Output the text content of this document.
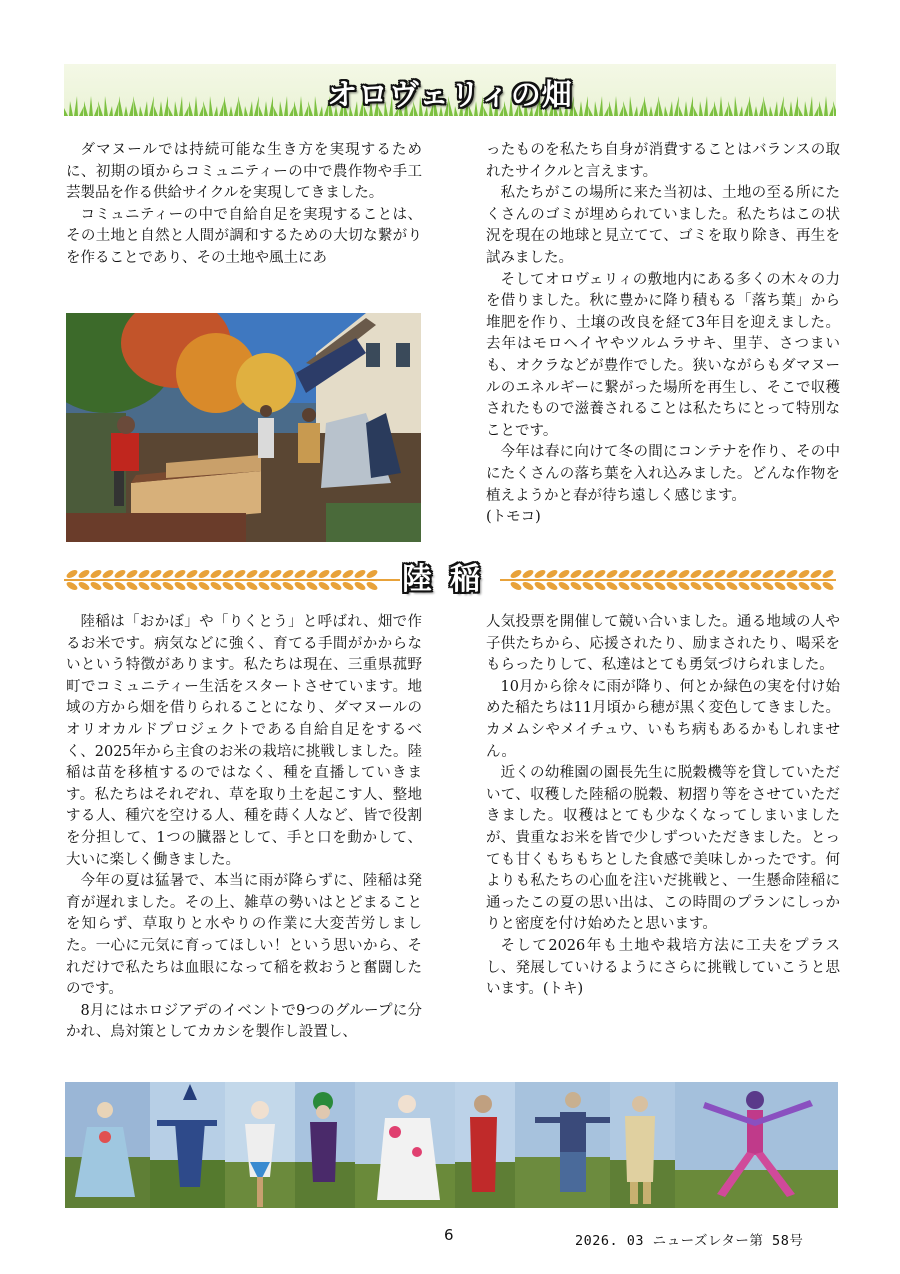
オロヴェリィの畑

ダマヌールでは持続可能な生き方を実現するために、初期の頃からコミュニティーの中で農作物や手工芸製品を作る供給サイクルを実現してきました。

コミュニティーの中で自給自足を実現することは、その土地と自然と人間が調和するための大切な繋がりを作ることであり、その土地や風土にあ

ったものを私たち自身が消費することはバランスの取れたサイクルと言えます。

私たちがこの場所に来た当初は、土地の至る所にたくさんのゴミが埋められていました。私たちはこの状況を現在の地球と見立てて、ゴミを取り除き、再生を試みました。

そしてオロヴェリィの敷地内にある多くの木々の力を借りました。秋に豊かに降り積もる「落ち葉」から堆肥を作り、土壌の改良を経て3年目を迎えました。去年はモロヘイヤやツルムラサキ、里芋、さつまいも、オクラなどが豊作でした。狭いながらもダマヌールのエネルギーに繋がった場所を再生し、そこで収穫されたもので滋養されることは私たちにとって特別なことです。

今年は春に向けて冬の間にコンテナを作り、その中にたくさんの落ち葉を入れ込みました。どんな作物を植えようかと春が待ち遠しく感じます。

(トモコ)

陸稲

陸稲は「おかぼ」や「りくとう」と呼ばれ、畑で作るお米です。病気などに強く、育てる手間がかからないという特徴があります。私たちは現在、三重県菰野町でコミュニティー生活をスタートさせています。地域の方から畑を借りられることになり、ダマヌールのオリオカルドプロジェクトである自給自足をするべく、2025年から主食のお米の栽培に挑戦しました。陸稲は苗を移植するのではなく、種を直播していきます。私たちはそれぞれ、草を取り土を起こす人、整地する人、種穴を空ける人、種を蒔く人など、皆で役割を分担して、1つの臓器として、手と口を動かして、大いに楽しく働きました。

今年の夏は猛暑で、本当に雨が降らずに、陸稲は発育が遅れました。その上、雑草の勢いはとどまることを知らず、草取りと水やりの作業に大変苦労しました。一心に元気に育ってほしい！という思いから、それだけで私たちは血眼になって稲を救おうと奮闘したのです。

8月にはホロジアデのイベントで9つのグループに分かれ、鳥対策としてカカシを製作し設置し、

人気投票を開催して競い合いました。通る地域の人や子供たちから、応援されたり、励まされたり、喝采をもらったりして、私達はとても勇気づけられました。

10月から徐々に雨が降り、何とか緑色の実を付け始めた稲たちは11月頃から穂が黒く変色してきました。カメムシやメイチュウ、いもち病もあるかもしれません。

近くの幼稚園の園長先生に脱穀機等を貸していただいて、収穫した陸稲の脱穀、籾摺り等をさせていただきました。収穫はとても少なくなってしまいましたが、貴重なお米を皆で少しずついただきました。とっても甘くもちもちとした食感で美味しかったです。何よりも私たちの心血を注いだ挑戦と、一生懸命陸稲に通ったこの夏の思い出は、この時間のプランにしっかりと密度を付け始めたと思います。

そして2026年も土地や栽培方法に工夫をプラスし、発展していけるようにさらに挑戦していこうと思います。(トキ)

6	2026. 03 ニューズレター第 58号
